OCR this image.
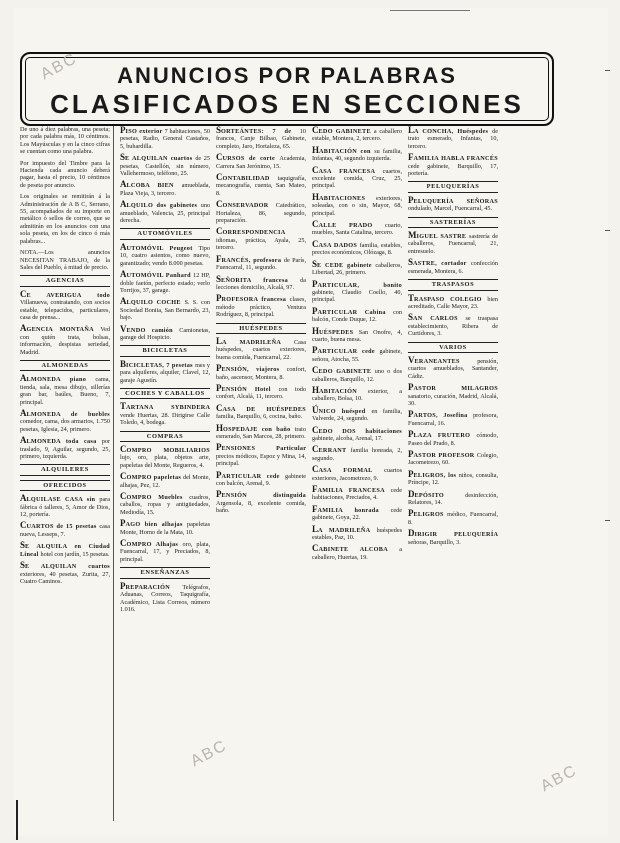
ANUNCIOS POR PALABRAS
CLASIFICADOS EN SECCIONES
ABC
ABC
ABC
De uno á diez palabras, una peseta; por cada palabra más, 10 céntimos. Los Mayúsculas y en la cinco cifras se cuentan como una palabra.
Por impuesto del Timbre para la Hacienda cada anuncio deberá pagar, hasta el precio, 10 céntimos de peseta por anuncio.
Los originales se remitirán á la Administración de A B C, Serrano, 55, acompañados de su importe en metálico ó sellos de correo, que se admitirán en los anuncios con una sola peseta, en los de cinco ó más palabras...
NOTA.—Los anuncios NECESITAN TRABAJO, de la Sales del Pueblo, á mitad de precio.
AGENCIAS
CE AVERIGUA todo Villanueva, contratando, con socios estable, telepacidos, particulares, casa de prensa...
AGENCIA MONTAÑA Ved con quién trata, bolsas, información, despistas seriedad, Madrid.
ALMONEDAS
ALMONEDA piano cama, tienda, sala, mesa dibujo, sillerías gran bar, baúles, Bueno, 7, principal.
ALMONEDA de buebles comedor, cama, dos armarios, 1.750 pesetas, Iglesia, 24, primero.
ALMONEDA toda casa por traslado, 9, Aguilar, segundo, 25, primero, izquierda.
ALQUILERES
OFRECIDOS
ALQUILASE CASA sin para fábrica ó talleres, 5, Amor de Dios, 12, portería.
CUARTOS de 15 pesetas casa nueva, Lesseps, 7.
SE ALQUILA en Ciudad Lineal hotel con jardín, 15 pesetas.
SE ALQUILAN cuartos exteriores, 40 pesetas, Zurita, 27, Cuatro Caminos.
PISO exterior 7 habitaciones, 50 pesetas, Radio, General Castaños, 5, buhardilla.
SE ALQUILAN cuartos de 25 pesetas, Castellón, sin número, Vallehermoso, teléfono, 25.
ALCOBA BIEN amueblada, Plaza Vieja, 3, tercero.
ALQUILO dos gabinetes uno amueblado, Valencia, 25, principal derecha.
AUTOMÓVILES
AUTOMÓVIL Peugeot Tipo 10, cuatro asientos, como nuevo, garantizado; vendo 8.000 pesetas.
AUTOMÓVIL Panhard 12 HP, doble faetón, perfecto estado; verlo Torrijos, 37, garage.
ALQUILO COCHE S. S. con Sociedad Bonita, San Bernardo, 23, bajo.
VENDO camión Camionetas, garage del Hospicio.
BICICLETAS
BICICLETAS, 7 pesetas mes y para alquileres, alquiler, Clavel, 12, garaje Agustín.
COCHES Y CABALLOS
TARTANA SYBINDERA vende Huertas, 28. Dirigirse Calle Toledo, 4, bodega.
COMPRAS
COMPRO MOBILIARIOS lujo, oro, plata, objetos arte, papeletas del Monte, Regueros, 4.
COMPRO papeletas del Monte, alhajas, Pez, 12.
COMPRO Muebles cuadros, caballos, ropas y antigüedades, Mediodía, 15.
PAGO bien alhajas papeletas Monte, Horno de la Mata, 10.
COMPRO Alhajas oro, plata, Fuencarral, 17, y Preciados, 8, principal.
ENSEÑANZAS
PREPARACIÓN Telégrafos, Aduanas, Correos, Taquigrafía, Académico, Lista Correos, número 1.016.
SORTEÁNTES: 7 de 10 francos, Canje Bilbao, Gabinete, completo, Jaro, Hortaleza, 65.
CURSOS de corte Academia, Carrera San Jerónimo, 15.
CONTABILIDAD taquigrafía, mecanografía, cuenta, San Mateo, 8.
CONSERVADOR Catedrático, Hortaleza, 86, segundo, preparación.
CORRESPONDENCIA idiomas, práctica, Ayala, 25, tercero.
FRANCÉS, profesora de París, Fuencarral, 11, segundo.
SEÑORITA francesa da lecciones domicilio, Alcalá, 97.
PROFESORA francesa clases, método práctico, Ventura Rodríguez, 8, principal.
HUÉSPEDES
LA MADRILEÑA Casa huéspedes, cuartos exteriores, buena comida, Fuencarral, 22.
PENSIÓN, viajeros confort, baño, ascensor, Montera, 8.
PENSIÓN Hotel con todo confort, Alcalá, 11, tercero.
CASA DE HUÉSPEDES familia, Barquillo, 6, cocina, baño.
HOSPEDAJE con baño trato esmerado, San Marcos, 28, primero.
PENSIONES Particular precios módicos, Espoz y Mina, 14, principal.
PARTICULAR cede gabinete con balcón, Arenal, 9.
PENSIÓN distinguida Argensola, 8, excelente comida, baño.
CEDO GABINETE a caballero estable, Montera, 2, tercero.
HABITACIÓN con su familia, Infantas, 40, segundo izquierda.
CASA FRANCESA cuartos, excelente comida, Cruz, 25, principal.
HABITACIONES exteriores, soleadas, con o sin, Mayor, 68, principal.
CALLE PRADO cuarto, muebles, Santa Catalina, tercero.
CASA DADOS familia, estables, precios económicos, Olózaga, 8.
SE CEDE gabinete caballeros, Libertad, 26, primero.
PARTICULAR, bonito gabinete, Claudio Coello, 40, principal.
PARTICULAR Cabina con balcón, Conde Duque, 12.
HUÉSPEDES San Onofre, 4, cuarto, buena mesa.
PARTICULAR cede gabinete, señora, Atocha, 55.
CEDO GABINETE uno o dos caballeros, Barquillo, 12.
HABITACIÓN exterior, a caballero, Bolsa, 10.
ÚNICO huésped en familia, Valverde, 24, segundo.
CEDO DOS habitaciones gabinete, alcoba, Arenal, 17.
CERRANT familia honrada, 2, segundo.
CASA FORMAL cuartos exteriores, Jacometrezo, 9.
FAMILIA FRANCESA cede habitaciones, Preciados, 4.
FAMILIA honrada cede gabinete, Goya, 22.
LA MADRILEÑA huéspedes estables, Paz, 10.
CABINETE ALCOBA a caballero, Huertas, 19.
LA CONCHA, Huéspedes de trato esmerado, Infantas, 10, tercero.
FAMILIA HABLA FRANCÉS cede gabinete, Barquillo, 17, portería.
PELUQUERÍAS
PELUQUERÍA SEÑORAS ondulado, Marcel, Fuencarral, 45.
SASTRERÍAS
MIGUEL SASTRE sastrería de caballeros, Fuencarral, 21, entresuelo.
SASTRE, cortador confección esmerada, Montera, 6.
TRASPASOS
TRASPASO COLEGIO bien acreditado, Calle Mayor, 23.
SAN CARLOS se traspasa establecimiento, Ribera de Curtidores, 3.
VARIOS
VERANEANTES pensión, cuartos amueblados, Santander, Cádiz.
PASTOR MILAGROS sanatorio, curación, Madrid, Alcalá, 30.
PARTOS, Josefina profesora, Fuencarral, 16.
PLAZA FRUTERO cómodo, Paseo del Prado, 8.
PASTOR PROFESOR Colegio, Jacometrezo, 60.
PELIGROS, los niños, consulta, Príncipe, 12.
DEPÓSITO desinfección, Relatores, 14.
PELIGROS médico, Fuencarral, 8.
DIRIGIR PELUQUERÍA señoras, Barquillo, 3.
